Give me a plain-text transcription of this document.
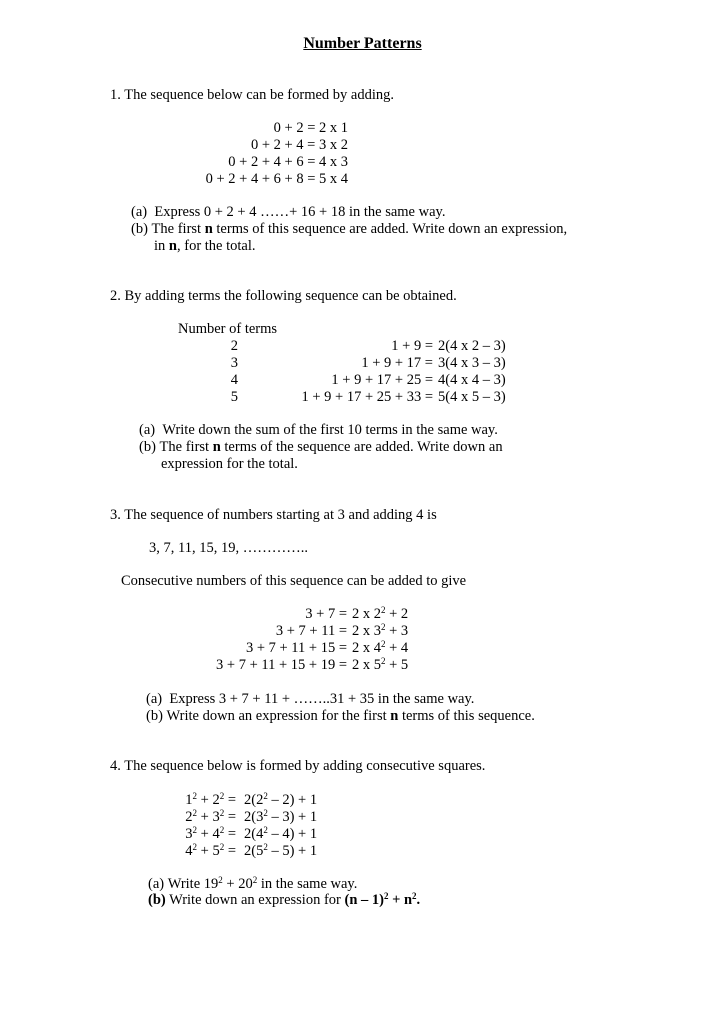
Number Patterns
1. The sequence below can be formed by adding.
0 + 2 = 2 x 1
0 + 2 + 4 = 3 x 2
0 + 2 + 4 + 6 = 4 x 3
0 + 2 + 4 + 6 + 8 = 5 x 4
(a) Express 0 + 2 + 4 ……+ 16 + 18 in the same way.
(b) The first n terms of this sequence are added. Write down an expression,
in n, for the total.
2. By adding terms the following sequence can be obtained.
Number of terms
2	1 + 9 = 2(4 x 2 – 3)
3	1 + 9 + 17 = 3(4 x 3 – 3)
4	1 + 9 + 17 + 25 = 4(4 x 4 – 3)
5	1 + 9 + 17 + 25 + 33 = 5(4 x 5 – 3)
(a) Write down the sum of the first 10 terms in the same way.
(b) The first n terms of the sequence are added. Write down an
expression for the total.
3. The sequence of numbers starting at 3 and adding 4 is
3, 7, 11, 15, 19, …………..
Consecutive numbers of this sequence can be added to give
3 + 7 = 2 x $2^2 + 2$
3 + 7 + 11 = 2 x $3^2 + 3$
3 + 7 + 11 + 15 = 2 x $4^2 + 4$
3 + 7 + 11 + 15 + 19 = 2 x $5^2 + 5$
(a) Express 3 + 7 + 11 + ……..31 + 35 in the same way.
(b) Write down an expression for the first n terms of this sequence.
4. The sequence below is formed by adding consecutive squares.
$1^2 + 2^2 = 2(2^2 - 2) + 1$
$2^2 + 3^2 = 2(3^2 - 3) + 1$
$3^2 + 4^2 = 2(4^2 - 4) + 1$
$4^2 + 5^2 = 2(5^2 - 5) + 1$
(a) Write $19^2 + 20^2$ in the same way.
(b) Write down an expression for $(n - 1)^2 + n^2$.
